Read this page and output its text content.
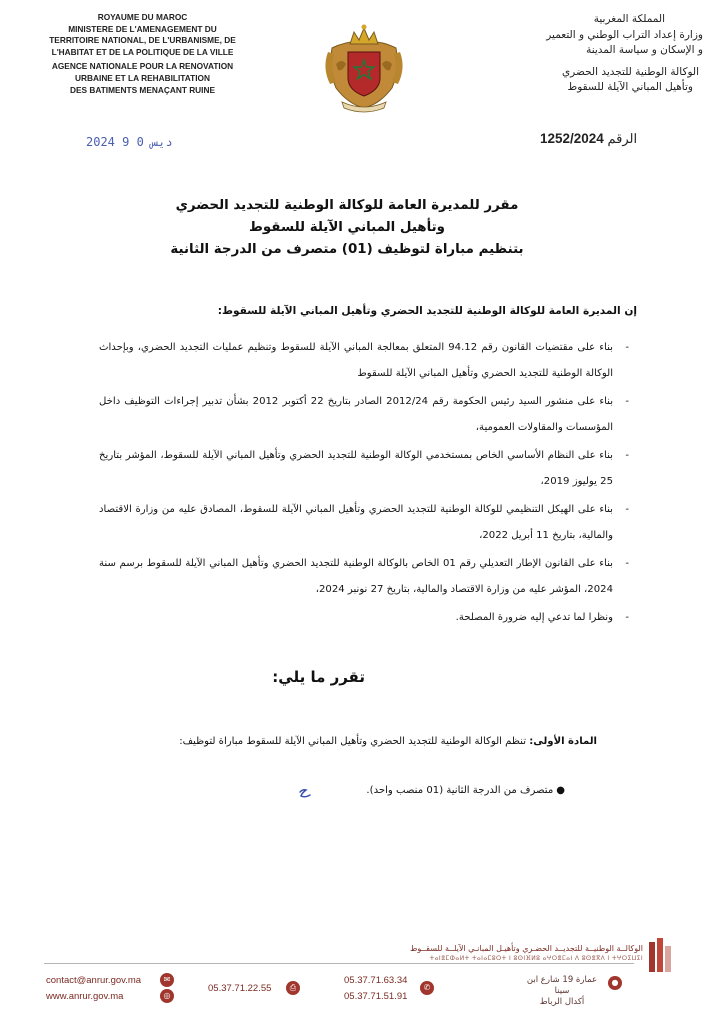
ROYAUME DU MAROC
MINISTERE DE L'AMENAGEMENT DU
TERRITOIRE NATIONAL, DE L'URBANISME, DE
L'HABITAT ET DE LA POLITIQUE DE LA VILLE
AGENCE NATIONALE POUR LA RENOVATION
URBAINE ET LA REHABILITATION
DES BATIMENTS MENAÇANT RUINE
المملكة المغربية
وزارة إعداد التراب الوطني و التعمير
و الإسكان و سياسة المدينة
الوكالة الوطنية للتجديد الحضري
وتأهيل المباني الآيلة للسقوط
2024 ديس 0 9	الرقم 1252/2024
مقرر للمديرة العامة للوكالة الوطنية للتجديد الحضري
وتأهيل المباني الآيلة للسقوط
بتنظيم مباراة لتوظيف (01) متصرف من الدرجة الثانية
إن المديرة العامة للوكالة الوطنية للتجديد الحضري وتأهيل المباني الآيلة للسقوط:
- بناء على مقتضيات القانون رقم 94.12 المتعلق بمعالجة المباني الآيلة للسقوط وتنظيم عمليات التجديد الحضري، وبإحداث الوكالة الوطنية للتجديد الحضري وتأهيل المباني الآيلة للسقوط
- بناء على منشور السيد رئيس الحكومة رقم 2012/24 الصادر بتاريخ 22 أكتوبر 2012 بشأن تدبير إجراءات التوظيف داخل المؤسسات والمقاولات العمومية،
- بناء على النظام الأساسي الخاص بمستخدمي الوكالة الوطنية للتجديد الحضري وتأهيل المباني الآيلة للسقوط، المؤشر بتاريخ 25 يوليوز 2019،
- بناء على الهيكل التنظيمي للوكالة الوطنية للتجديد الحضري وتأهيل المباني الآيلة للسقوط، المصادق عليه من وزارة الاقتصاد والمالية، بتاريخ 11 أبريل 2022،
- بناء على القانون الإطار التعديلي رقم 01 الخاص بالوكالة الوطنية للتجديد الحضري وتأهيل المباني الآيلة للسقوط برسم سنة 2024، المؤشر عليه من وزارة الاقتصاد والمالية، بتاريخ 27 نونبر 2024،
- ونظرا لما تدعي إليه ضرورة المصلحة.
تقرر ما يلي:
المادة الأولى: تنظم الوكالة الوطنية للتجديد الحضري وتأهيل المباني الآيلة للسقوط مباراة لتوظيف:
●متصرف من الدرجة الثانية (01 منصب واحد).
الوكالــة الوطنيــة للتجديــد الحضـري وتأهيـل المبانـي الآيلــة للسقــوط
ⵜⴰⵏⴻⵎⵀⴰⵍⵜ ⵜⴰⵏⴰⵎⵓⵔⵜ ⵏ ⵓⵙⵏⴼⵍⵓ ⴰⵖⵔⴻⵎⴰⵏ ⴷ ⵓⵙⴻⴳⴷ ⵏ ⵜⵖⵔⵉⵡⵉⵏ
✉
contact@anrur.gov.ma
◎
www.anrur.gov.ma
05.37.71.22.55	⎙
05.37.71.63.34
05.37.71.51.91
✆
عمارة 19 شارع ابن سينا
أكدال الرباط
●
